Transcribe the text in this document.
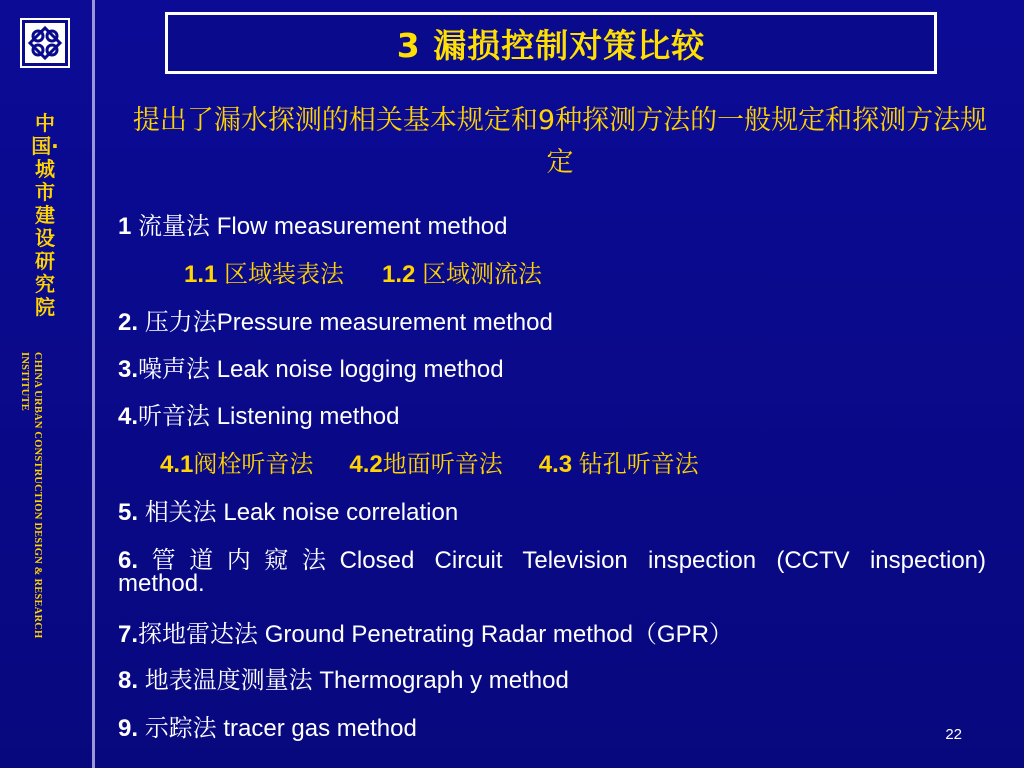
中
国·
城
市
建
设
研
究
院
CHINA URBAN CONSTRUCTION DESIGN & RESEARCH
INSTITUTE
3 漏损控制对策比较
提出了漏水探测的相关基本规定和9种探测方法的一般规定和探测方法规定
1 流量法 Flow measurement method
1.1 区域装表法 1.2 区域测流法
2. 压力法Pressure measurement method
3.噪声法 Leak noise logging method
4.听音法 Listening method
4.1阀栓听音法 4.2地面听音法 4.3 钻孔听音法
5. 相关法 Leak noise correlation
6.管道内窥法Closed Circuit Television inspection (CCTV inspection)
method.
7.探地雷达法 Ground Penetrating Radar method（GPR）
8. 地表温度测量法 Thermograph y method
9. 示踪法 tracer gas method	22
